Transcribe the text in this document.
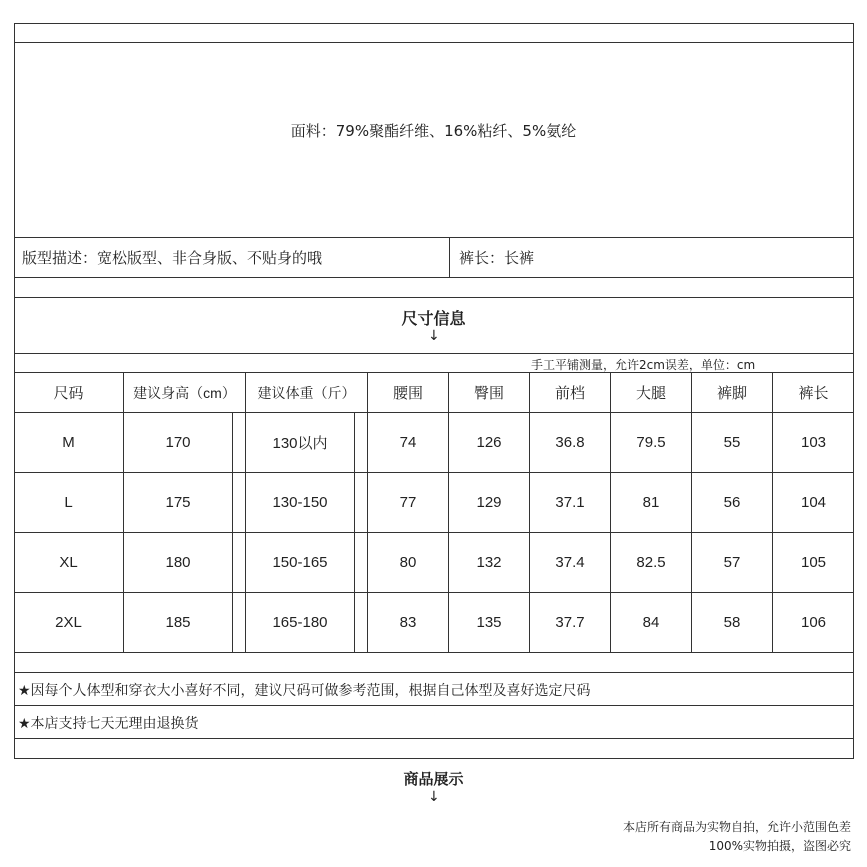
面料：79%聚酯纤维、16%粘纤、5%氨纶
版型描述：宽松版型、非合身版、不贴身的哦	裤长：长裤
尺寸信息
↓
手工平铺测量，允许2cm误差，单位：cm
尺码	建议身高（cm）	建议体重（斤）	腰围	臀围	前档	大腿	裤脚	裤长
M	170	130以内	74	126	36.8	79.5	55	103
L	175	130-150	77	129	37.1	81	56	104
XL	180	150-165	80	132	37.4	82.5	57	105
2XL	185	165-180	83	135	37.7	84	58	106
★因每个人体型和穿衣大小喜好不同，建议尺码可做参考范围，根据自己体型及喜好选定尺码
★本店支持七天无理由退换货
商品展示
↓
本店所有商品为实物自拍，允许小范围色差
100%实物拍摄，盗图必究
